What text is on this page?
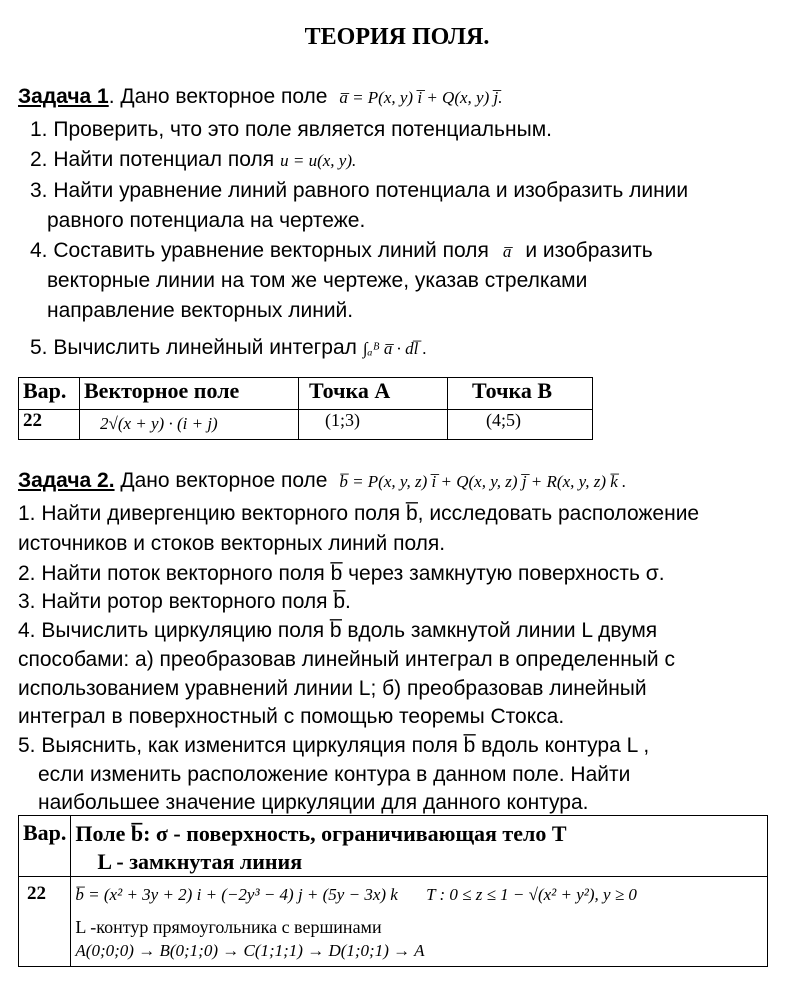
ТЕОРИЯ ПОЛЯ.
Задача 1. Дано векторное поле a̅ = P(x, y) i̅ + Q(x, y) j̅.
1. Проверить, что это поле является потенциальным.
2. Найти потенциал поля u = u(x, y).
3. Найти уравнение линий равного потенциала и изобразить линии
равного потенциала на чертеже.
4. Составить уравнение векторных линий поля a̅ и изобразить
векторные линии на том же чертеже, указав стрелками
направление векторных линий.
5. Вычислить линейный интеграл ∫ₐᴮ a̅ · dl̅ .
Вар.	Векторное поле	Точка A	Точка B
22	2√(x + y) · (i + j)	(1;3)	(4;5)
Задача 2. Дано векторное поле b̅ = P(x, y, z) i̅ + Q(x, y, z) j̅ + R(x, y, z) k̅ .
1. Найти дивергенцию векторного поля b̅, исследовать расположение
источников и стоков векторных линий поля.
2. Найти поток векторного поля b̅ через замкнутую поверхность σ.
3. Найти ротор векторного поля b̅.
4. Вычислить циркуляцию поля b̅ вдоль замкнутой линии L двумя
способами: а) преобразовав линейный интеграл в определенный с
использованием уравнений линии L; б) преобразовав линейный
интеграл в поверхностный с помощью теоремы Стокса.
5. Выяснить, как изменится циркуляция поля b̅ вдоль контура L ,
если изменить расположение контура в данном поле. Найти
наибольшее значение циркуляции для данного контура.
Вар.	Поле b̅: σ - поверхность, ограничивающая тело Т
L - замкнутая линия

22	b̅ = (x² + 3y + 2) i + (−2y³ − 4) j + (5y − 3x) k T : 0 ≤ z ≤ 1 − √(x² + y²), y ≥ 0
L -контур прямоугольника с вершинами
A(0;0;0) → B(0;1;0) → C(1;1;1) → D(1;0;1) → A
